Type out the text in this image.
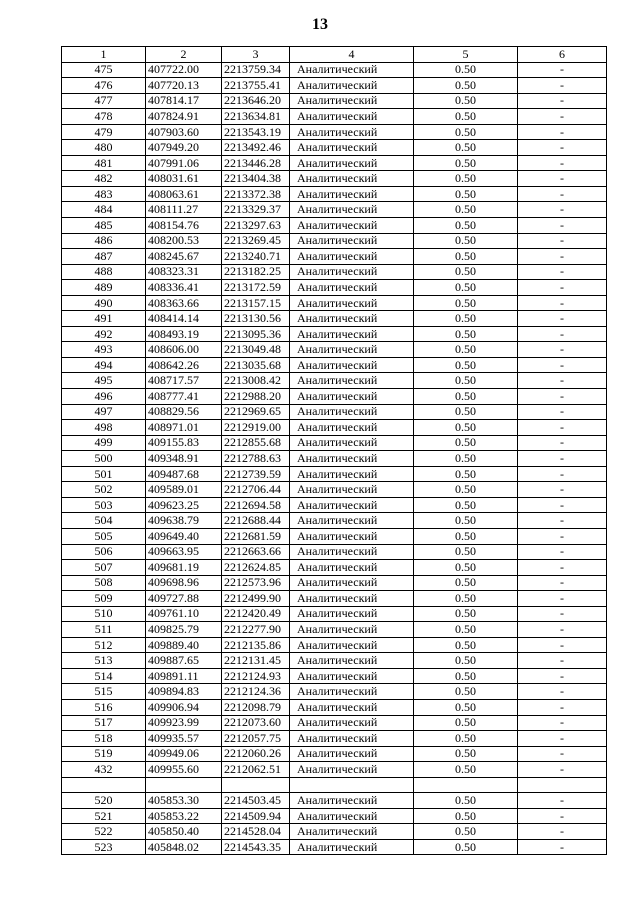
13
1	2	3	4	5	6
475	407722.00	2213759.34	Аналитический	0.50	-
476	407720.13	2213755.41	Аналитический	0.50	-
477	407814.17	2213646.20	Аналитический	0.50	-
478	407824.91	2213634.81	Аналитический	0.50	-
479	407903.60	2213543.19	Аналитический	0.50	-
480	407949.20	2213492.46	Аналитический	0.50	-
481	407991.06	2213446.28	Аналитический	0.50	-
482	408031.61	2213404.38	Аналитический	0.50	-
483	408063.61	2213372.38	Аналитический	0.50	-
484	408111.27	2213329.37	Аналитический	0.50	-
485	408154.76	2213297.63	Аналитический	0.50	-
486	408200.53	2213269.45	Аналитический	0.50	-
487	408245.67	2213240.71	Аналитический	0.50	-
488	408323.31	2213182.25	Аналитический	0.50	-
489	408336.41	2213172.59	Аналитический	0.50	-
490	408363.66	2213157.15	Аналитический	0.50	-
491	408414.14	2213130.56	Аналитический	0.50	-
492	408493.19	2213095.36	Аналитический	0.50	-
493	408606.00	2213049.48	Аналитический	0.50	-
494	408642.26	2213035.68	Аналитический	0.50	-
495	408717.57	2213008.42	Аналитический	0.50	-
496	408777.41	2212988.20	Аналитический	0.50	-
497	408829.56	2212969.65	Аналитический	0.50	-
498	408971.01	2212919.00	Аналитический	0.50	-
499	409155.83	2212855.68	Аналитический	0.50	-
500	409348.91	2212788.63	Аналитический	0.50	-
501	409487.68	2212739.59	Аналитический	0.50	-
502	409589.01	2212706.44	Аналитический	0.50	-
503	409623.25	2212694.58	Аналитический	0.50	-
504	409638.79	2212688.44	Аналитический	0.50	-
505	409649.40	2212681.59	Аналитический	0.50	-
506	409663.95	2212663.66	Аналитический	0.50	-
507	409681.19	2212624.85	Аналитический	0.50	-
508	409698.96	2212573.96	Аналитический	0.50	-
509	409727.88	2212499.90	Аналитический	0.50	-
510	409761.10	2212420.49	Аналитический	0.50	-
511	409825.79	2212277.90	Аналитический	0.50	-
512	409889.40	2212135.86	Аналитический	0.50	-
513	409887.65	2212131.45	Аналитический	0.50	-
514	409891.11	2212124.93	Аналитический	0.50	-
515	409894.83	2212124.36	Аналитический	0.50	-
516	409906.94	2212098.79	Аналитический	0.50	-
517	409923.99	2212073.60	Аналитический	0.50	-
518	409935.57	2212057.75	Аналитический	0.50	-
519	409949.06	2212060.26	Аналитический	0.50	-
432	409955.60	2212062.51	Аналитический	0.50	-

520	405853.30	2214503.45	Аналитический	0.50	-
521	405853.22	2214509.94	Аналитический	0.50	-
522	405850.40	2214528.04	Аналитический	0.50	-
523	405848.02	2214543.35	Аналитический	0.50	-
